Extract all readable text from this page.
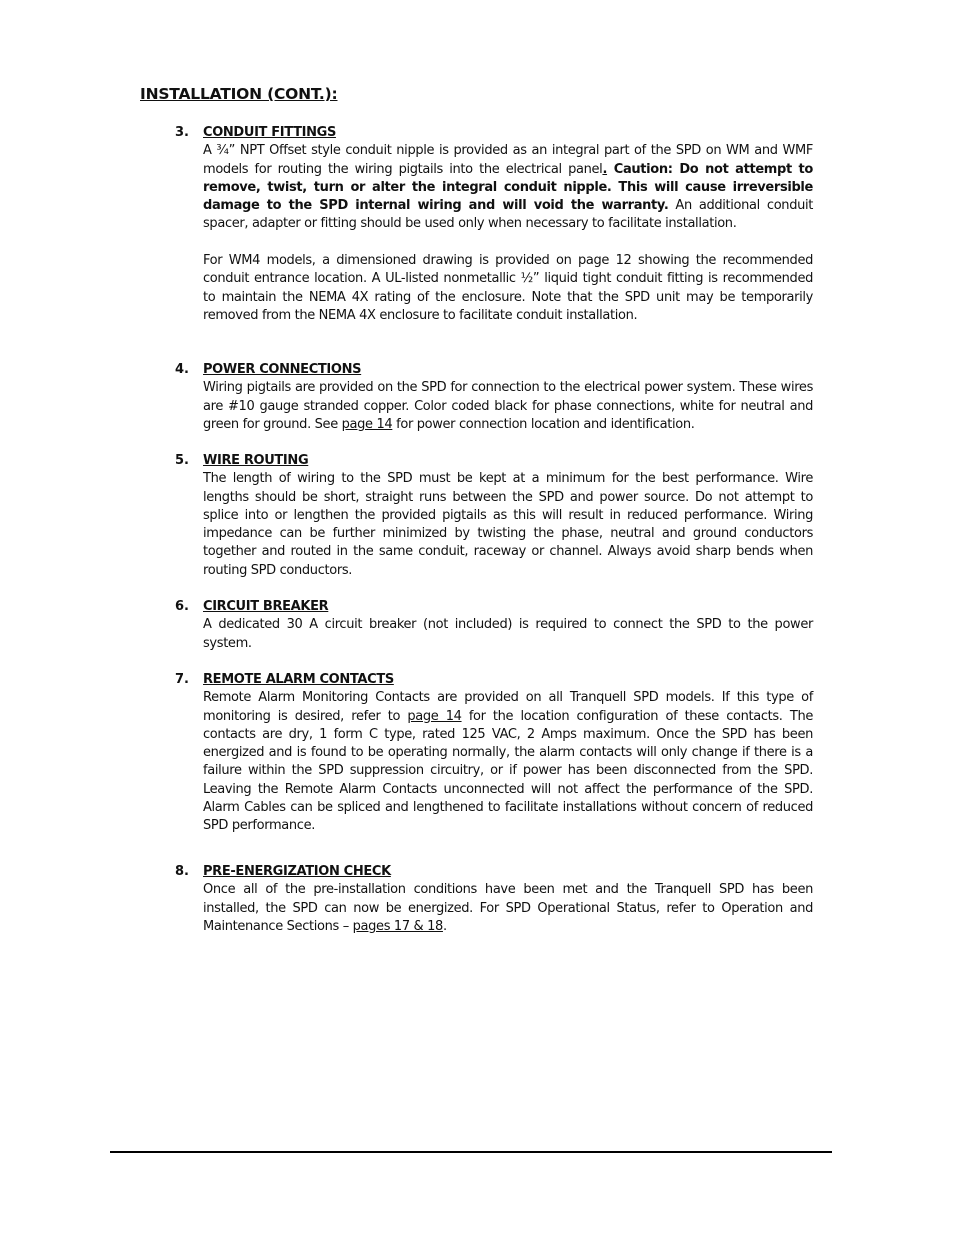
INSTALLATION (CONT.):
3. CONDUIT FITTINGS

A ¾” NPT Offset style conduit nipple is provided as an integral part of the SPD on WM and WMF models for routing the wiring pigtails into the electrical panel. Caution: Do not attempt to remove, twist, turn or alter the integral conduit nipple. This will cause irreversible damage to the SPD internal wiring and will void the warranty. An additional conduit spacer, adapter or fitting should be used only when necessary to facilitate installation.

For WM4 models, a dimensioned drawing is provided on page 12 showing the recommended conduit entrance location. A UL-listed nonmetallic ½” liquid tight conduit fitting is recommended to maintain the NEMA 4X rating of the enclosure. Note that the SPD unit may be temporarily removed from the NEMA 4X enclosure to facilitate conduit installation.

4. POWER CONNECTIONS

Wiring pigtails are provided on the SPD for connection to the electrical power system. These wires are #10 gauge stranded copper. Color coded black for phase connections, white for neutral and green for ground. See page 14 for power connection location and identification.

5. WIRE ROUTING

The length of wiring to the SPD must be kept at a minimum for the best performance. Wire lengths should be short, straight runs between the SPD and power source. Do not attempt to splice into or lengthen the provided pigtails as this will result in reduced performance. Wiring impedance can be further minimized by twisting the phase, neutral and ground conductors together and routed in the same conduit, raceway or channel. Always avoid sharp bends when routing SPD conductors.

6. CIRCUIT BREAKER

A dedicated 30 A circuit breaker (not included) is required to connect the SPD to the power system.

7. REMOTE ALARM CONTACTS

Remote Alarm Monitoring Contacts are provided on all Tranquell SPD models. If this type of monitoring is desired, refer to page 14 for the location configuration of these contacts. The contacts are dry, 1 form C type, rated 125 VAC, 2 Amps maximum. Once the SPD has been energized and is found to be operating normally, the alarm contacts will only change if there is a failure within the SPD suppression circuitry, or if power has been disconnected from the SPD. Leaving the Remote Alarm Contacts unconnected will not affect the performance of the SPD. Alarm Cables can be spliced and lengthened to facilitate installations without concern of reduced SPD performance.

8. PRE-ENERGIZATION CHECK

Once all of the pre-installation conditions have been met and the Tranquell SPD has been installed, the SPD can now be energized. For SPD Operational Status, refer to Operation and Maintenance Sections – pages 17 & 18.
